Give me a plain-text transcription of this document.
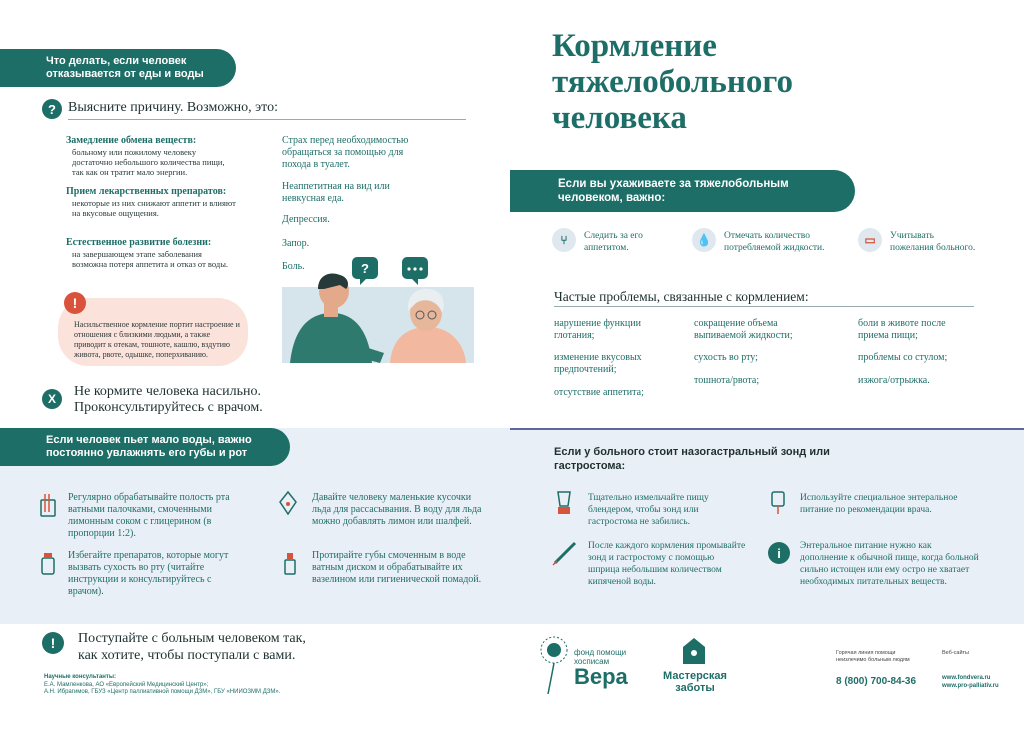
Что делать, если человек отказывается от еды и воды
? Выясните причину. Возможно, это:
Замедление обмена веществ:
больному или пожилому человеку достаточно небольшого количества пищи, так как он тратит мало энергии.
Прием лекарственных препаратов:
некоторые из них снижают аппетит и влияют на вкусовые ощущения.
Естественное развитие болезни:
на завершающем этапе заболевания возможна потеря аппетита и отказ от воды.
Страх перед необходимостью обращаться за помощью для похода в туалет.
Неаппетитная на вид или невкусная еда.
Депрессия.
Запор.
Боль.
!
Насильственное кормление портит настроение и отношения с близкими людьми, а также приводит к отекам, тошноте, кашлю, вздутию живота, рвоте, одышке, поперхиванию.
?
X	Не кормите человека насильно.
Проконсультируйтесь с врачом.
Если человек пьет мало воды, важно постоянно увлажнять его губы и рот
Регулярно обрабатывайте полость рта ватными палочками, смоченными лимонным соком с глицерином (в пропорции 1:2).
Давайте человеку маленькие кусочки льда для рассасывания. В воду для льда можно добавлять лимон или шалфей.
Избегайте препаратов, которые могут вызвать сухость во рту (читайте инструкции и консультируйтесь с врачом).
Протирайте губы смоченным в воде ватным диском и обрабатывайте их вазелином или гигиенической помадой.
!	Поступайте с больным человеком так,
как хотите, чтобы поступали с вами.
Научные консультанты:
Е.А. Мамленкова, АО «Европейский Медицинский Центр»;
А.Н. Ибрагимов, ГБУЗ «Центр паллиативной помощи ДЗМ», ГБУ «НИИОЗММ ДЗМ».
Кормление
тяжелобольного
человека
Если вы ухаживаете за тяжелобольным человеком, важно:
⑂	Следить за его аппетитом.
💧	Отмечать количество потребляемой жидкости.
▭	Учитывать пожелания больного.
Частые проблемы, связанные с кормлением:
нарушение функции глотания;
изменение вкусовых предпочтений;
отсутствие аппетита;
сокращение объема выпиваемой жидкости;
сухость во рту;
тошнота/рвота;
боли в животе после приема пищи;
проблемы со стулом;
изжога/отрыжка.
Если у больного стоит назогастральный зонд или гастростома:
i
Тщательно измельчайте пищу блендером, чтобы зонд или гастростома не забились.
Используйте специальное энтеральное питание по рекомендации врача.
После каждого кормления промывайте зонд и гастростому с помощью шприца небольшим количеством кипяченой воды.
Энтеральное питание нужно как дополнение к обычной пище, когда больной сильно истощен или ему остро не хватает необходимых питательных веществ.
фонд помощи хосписам
Вера	Мастерская
заботы
Горячая линия помощи неизлечимо больным людям
8 (800) 700-84-36
Веб-сайты
www.fondvera.ru
www.pro-palliativ.ru
